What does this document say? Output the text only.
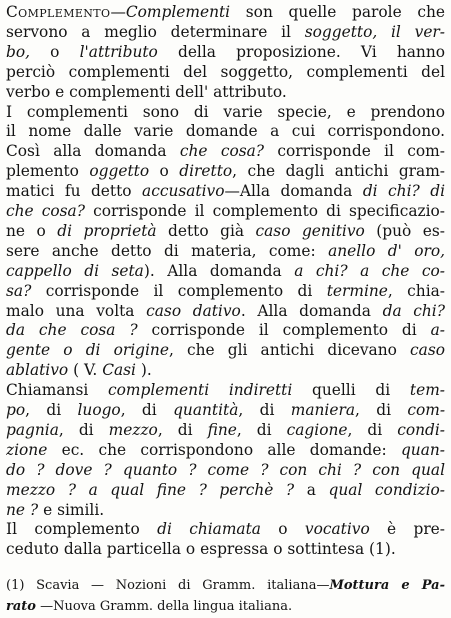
Complemento—Complementi son quelle parole che
servono a meglio determinare il soggetto, il ver-
bo, o l'attributo della proposizione. Vi hanno
perciò complementi del soggetto, complementi del
verbo e complementi dell' attributo.
I complementi sono di varie specie, e prendono
il nome dalle varie domande a cui corrispondono.
Così alla domanda che cosa? corrisponde il com-
plemento oggetto o diretto, che dagli antichi gram-
matici fu detto accusativo—Alla domanda di chi? di
che cosa? corrisponde il complemento di specificazio-
ne o di proprietà detto già caso genitivo (può es-
sere anche detto di materia, come: anello d' oro,
cappello di seta). Alla domanda a chi? a che co-
sa? corrisponde il complemento di termine, chia-
malo una volta caso dativo. Alla domanda da chi?
da che cosa ? corrisponde il complemento di a-
gente o di origine, che gli antichi dicevano caso
ablativo ( V. Casi ).
Chiamansi complementi indiretti quelli di tem-
po, di luogo, di quantità, di maniera, di com-
pagnia, di mezzo, di fine, di cagione, di condi-
zione ec. che corrispondono alle domande: quan-
do ? dove ? quanto ? come ? con chi ? con qual
mezzo ? a qual fine ? perchè ? a qual condizio-
ne ? e simili.
Il complemento di chiamata o vocativo è pre-
ceduto dalla particella o espressa o sottintesa (1).
(1) Scavia — Nozioni di Gramm. italiana—Mottura e Pa-
rato —Nuova Gramm. della lingua italiana.
